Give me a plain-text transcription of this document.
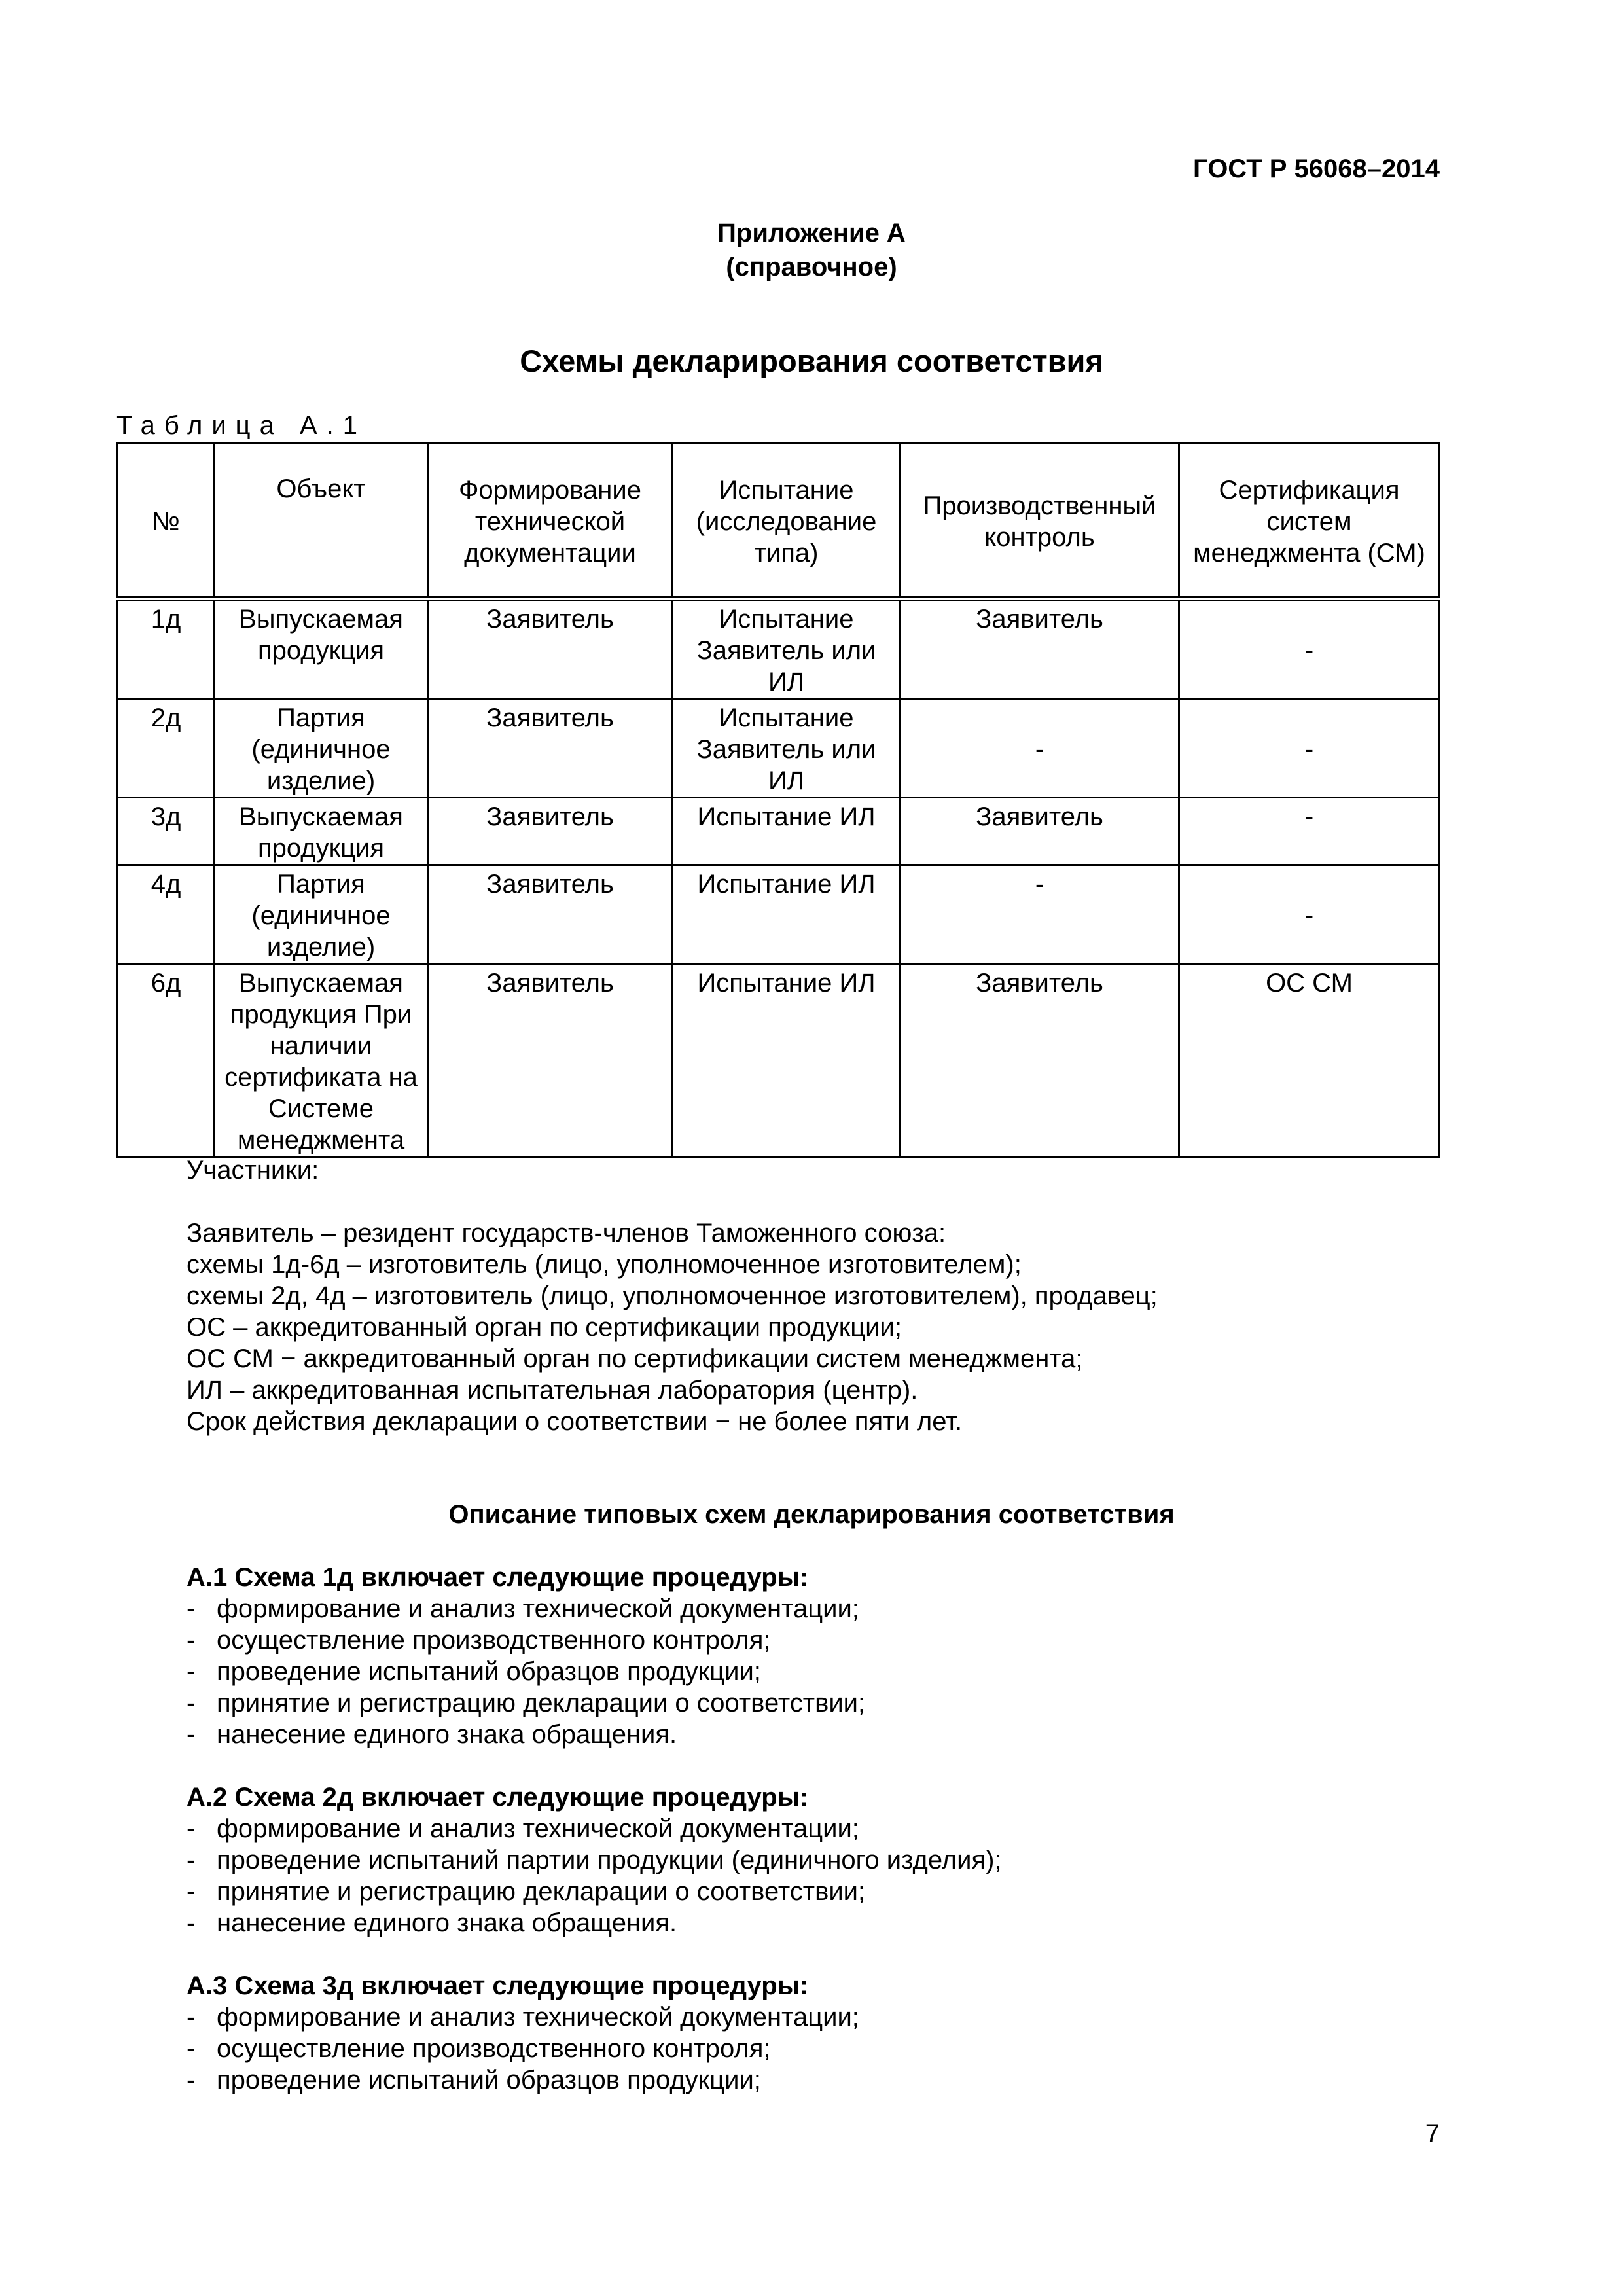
ГОСТ Р 56068–2014
Приложение А
(справочное)
Схемы декларирования соответствия
Таблица А.1
№	Объект	Формирование технической документации	Испытание (исследование типа)	Производственный контроль	Сертификация систем менеджмента (СМ)
1д	Выпускаемая продукция	Заявитель	Испытание Заявитель или ИЛ	Заявитель	-
2д	Партия (единичное изделие)	Заявитель	Испытание Заявитель или ИЛ	-	-
3д	Выпускаемая продукция	Заявитель	Испытание ИЛ	Заявитель	-
4д	Партия (единичное изделие)	Заявитель	Испытание ИЛ	-	-
6д	Выпускаемая продукция При наличии сертификата на Системе менеджмента	Заявитель	Испытание ИЛ	Заявитель	ОС СМ
Участники:
Заявитель – резидент государств-членов Таможенного союза:
схемы 1д-6д – изготовитель (лицо, уполномоченное изготовителем);
схемы 2д, 4д – изготовитель (лицо, уполномоченное изготовителем), продавец;
ОС – аккредитованный орган по сертификации продукции;
ОС СМ − аккредитованный орган по сертификации систем менеджмента;
ИЛ – аккредитованная испытательная лаборатория (центр).
Срок действия декларации о соответствии − не более пяти лет.
Описание типовых схем декларирования соответствия
А.1 Схема 1д включает следующие процедуры:
- формирование и анализ технической документации;
- осуществление производственного контроля;
- проведение испытаний образцов продукции;
- принятие и регистрацию декларации о соответствии;
- нанесение единого знака обращения.
А.2 Схема 2д включает следующие процедуры:
- формирование и анализ технической документации;
- проведение испытаний партии продукции (единичного изделия);
- принятие и регистрацию декларации о соответствии;
- нанесение единого знака обращения.
А.3 Схема 3д включает следующие процедуры:
- формирование и анализ технической документации;
- осуществление производственного контроля;
- проведение испытаний образцов продукции;
7
